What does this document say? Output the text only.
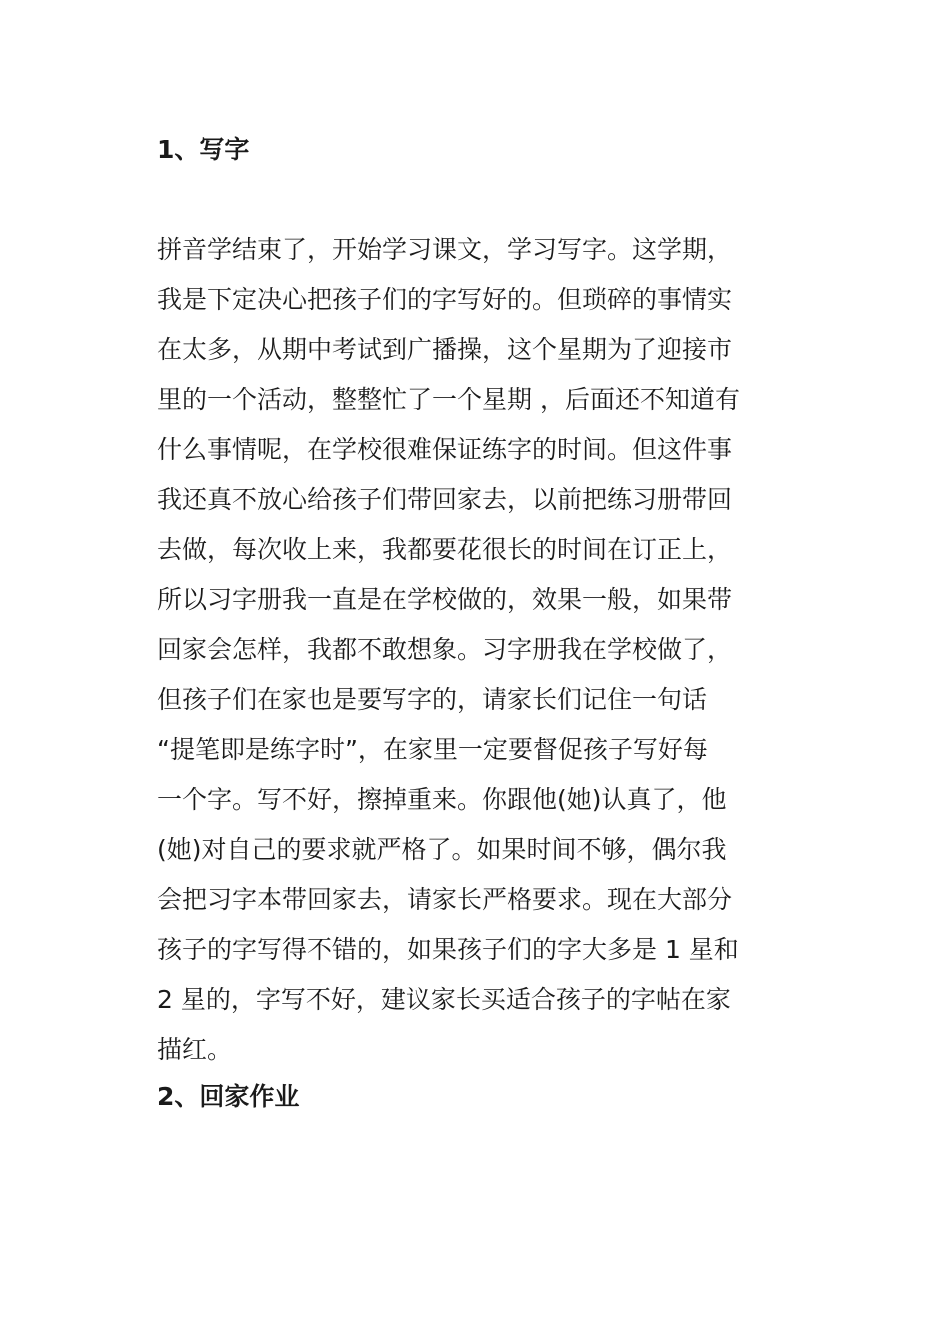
1、写字
拼音学结束了，开始学习课文，学习写字。这学期，
我是下定决心把孩子们的字写好的。但琐碎的事情实
在太多，从期中考试到广播操，这个星期为了迎接市
里的一个活动，整整忙了一个星期 ，后面还不知道有
什么事情呢，在学校很难保证练字的时间。但这件事
我还真不放心给孩子们带回家去，以前把练习册带回
去做，每次收上来，我都要花很长的时间在订正上，
所以习字册我一直是在学校做的，效果一般，如果带
回家会怎样，我都不敢想象。习字册我在学校做了，
但孩子们在家也是要写字的，请家长们记住一句话
“提笔即是练字时”，在家里一定要督促孩子写好每
一个字。写不好，擦掉重来。你跟他(她)认真了，他
(她)对自己的要求就严格了。如果时间不够，偶尔我
会把习字本带回家去，请家长严格要求。现在大部分
孩子的字写得不错的，如果孩子们的字大多是 1 星和
2 星的，字写不好，建议家长买适合孩子的字帖在家
描红。
2、回家作业
